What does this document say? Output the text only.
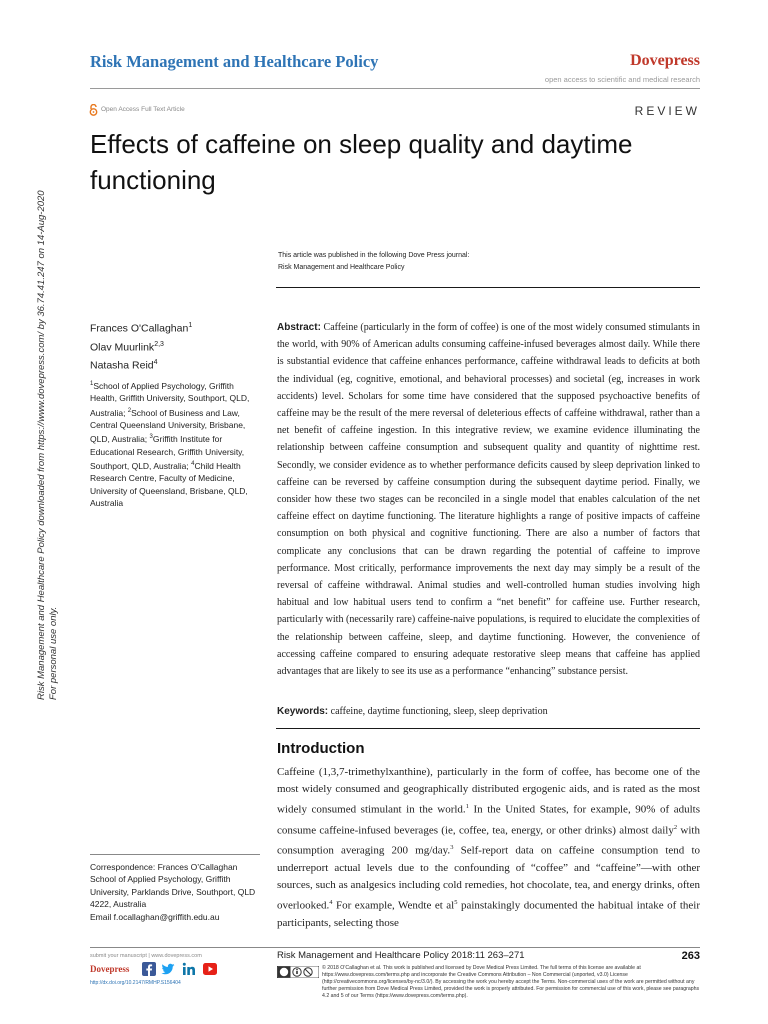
Risk Management and Healthcare Policy	Dovepress
open access to scientific and medical research
Open Access Full Text Article	REVIEW
Effects of caffeine on sleep quality and daytime functioning
This article was published in the following Dove Press journal:
Risk Management and Healthcare Policy
Risk Management and Healthcare Policy downloaded from https://www.dovepress.com/ by 36.74.41.247 on 14-Aug-2020 For personal use only.
Frances O'Callaghan$^1$
Olav Muurlink$^{2,3}$
Natasha Reid$^4$
$^1$School of Applied Psychology, Griffith Health, Griffith University, Southport, QLD, Australia; $^2$School of Business and Law, Central Queensland University, Brisbane, QLD, Australia; $^3$Griffith Institute for Educational Research, Griffith University, Southport, QLD, Australia; $^4$Child Health Research Centre, Faculty of Medicine, University of Queensland, Brisbane, QLD, Australia
Abstract: Caffeine (particularly in the form of coffee) is one of the most widely consumed stimulants in the world, with 90% of American adults consuming caffeine-infused beverages almost daily. While there is substantial evidence that caffeine enhances performance, caffeine withdrawal leads to deficits at both the individual (eg, cognitive, emotional, and behavioral processes) and societal (eg, increases in work accidents) level. Scholars for some time have considered that the supposed psychoactive benefits of caffeine may be the result of the mere reversal of deleterious effects of caffeine withdrawal, rather than a net benefit of caffeine ingestion. In this integrative review, we examine evidence illuminating the relationship between caffeine consumption and subsequent quality and quantity of nighttime rest. Secondly, we consider evidence as to whether performance deficits caused by sleep deprivation linked to caffeine can be reversed by caffeine consumption during the subsequent daytime period. Finally, we consider how these two stages can be reconciled in a single model that enables calculation of the net caffeine effect on daytime functioning. The literature highlights a range of positive impacts of caffeine consumption on both physical and cognitive functioning. There are also a number of factors that complicate any conclusions that can be drawn regarding the potential of caffeine to improve performance. Most critically, performance improvements the next day may simply be a result of the reversal of caffeine withdrawal. Animal studies and well-controlled human studies involving high habitual and low habitual users tend to confirm a “net benefit” for caffeine use. Further research, particularly with (necessarily rare) caffeine-naive populations, is required to elucidate the complexities of the relationship between caffeine, sleep, and daytime functioning. However, the convenience of accessing caffeine compared to ensuring adequate restorative sleep means that caffeine has applied advantages that are likely to see its use as a performance “enhancing” substance persist.
Keywords: caffeine, daytime functioning, sleep, sleep deprivation
Introduction
Caffeine (1,3,7-trimethylxanthine), particularly in the form of coffee, has become one of the most widely consumed and geographically distributed ergogenic aids, and is rated as the most widely consumed stimulant in the world.$^1$ In the United States, for example, 90% of adults consume caffeine-infused beverages (ie, coffee, tea, energy, or other drinks) almost daily$^2$ with consumption averaging 200 mg/day.$^3$ Self-report data on caffeine consumption tend to underreport actual levels due to the confounding of “coffee” and “caffeine”—with other sources, such as analgesics including cold remedies, hot chocolate, tea, and energy drinks, often overlooked.$^4$ For example, Wendte et $al^5$ painstakingly documented the habitual intake of their participants, selecting those
Correspondence: Frances O’Callaghan
School of Applied Psychology, Griffith University, Parklands Drive, Southport, QLD 4222, Australia
Email f.ocallaghan@griffith.edu.au
submit your manuscript | www.dovepress.com
Dovepress
http://dx.doi.org/10.2147/RMHP.S156404
Risk Management and Healthcare Policy 2018:11 263–271	263
© 2018 O’Callaghan et al. This work is published and licensed by Dove Medical Press Limited. The full terms of this license are available at https://www.dovepress.com/terms.php and incorporate the Creative Commons Attribution – Non Commercial (unported, v3.0) License (http://creativecommons.org/licenses/by-nc/3.0/). By accessing the work you hereby accept the Terms. Non-commercial uses of the work are permitted without any further permission from Dove Medical Press Limited, provided the work is properly attributed. For permission for commercial use of this work, please see paragraphs 4.2 and 5 of our Terms (https://www.dovepress.com/terms.php).
